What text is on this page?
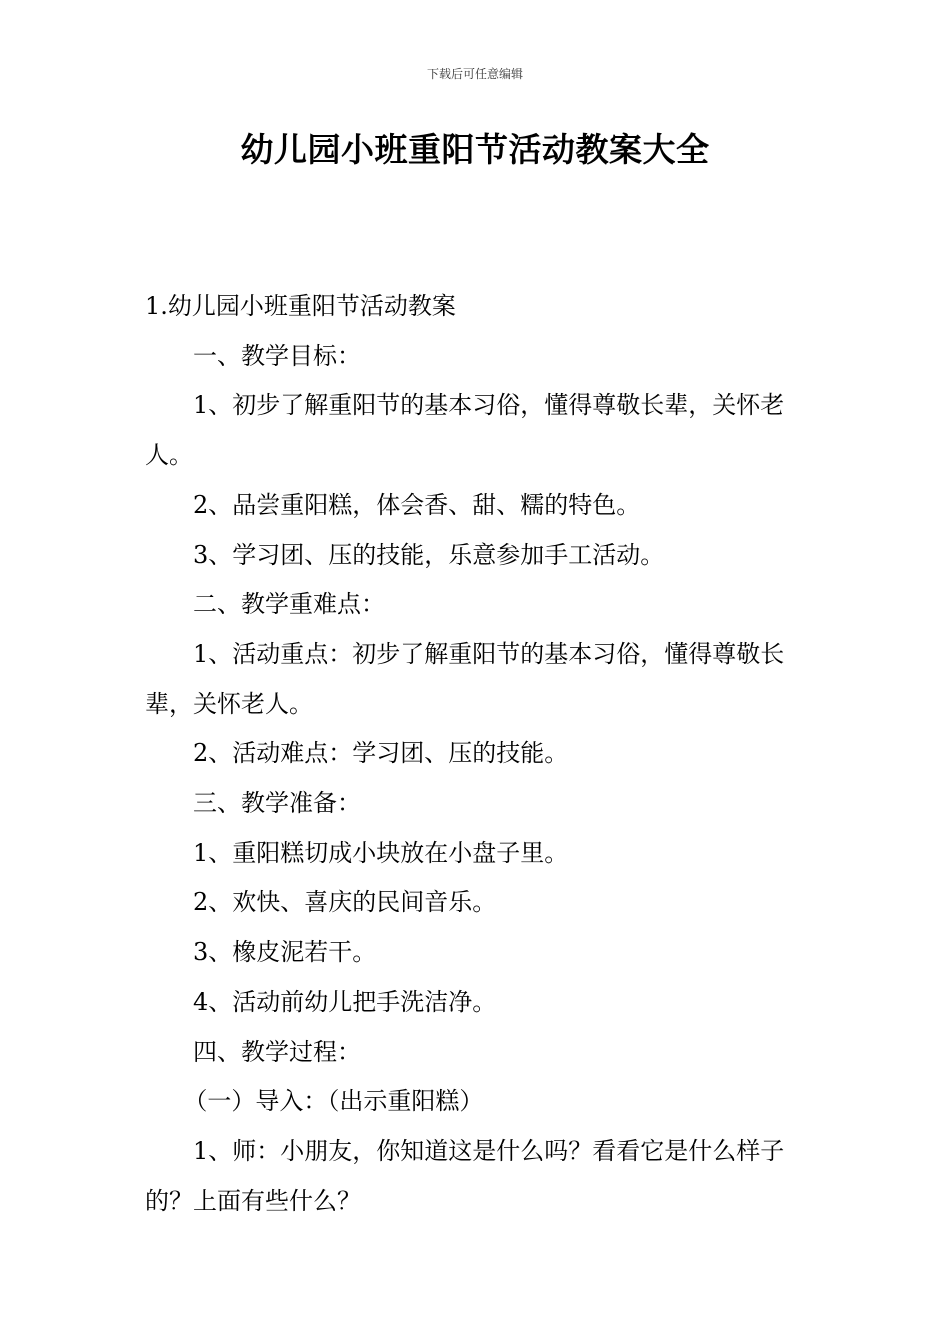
下载后可任意编辑
幼儿园小班重阳节活动教案大全

1.幼儿园小班重阳节活动教案

一、教学目标：

1、初步了解重阳节的基本习俗，懂得尊敬长辈，关怀老人。

2、品尝重阳糕，体会香、甜、糯的特色。

3、学习团、压的技能，乐意参加手工活动。

二、教学重难点：

1、活动重点：初步了解重阳节的基本习俗，懂得尊敬长辈，关怀老人。

2、活动难点：学习团、压的技能。

三、教学准备：

1、重阳糕切成小块放在小盘子里。

2、欢快、喜庆的民间音乐。

3、橡皮泥若干。

4、活动前幼儿把手洗洁净。

四、教学过程：

（一）导入：（出示重阳糕）

1、师：小朋友，你知道这是什么吗？看看它是什么样子的？上面有些什么？
